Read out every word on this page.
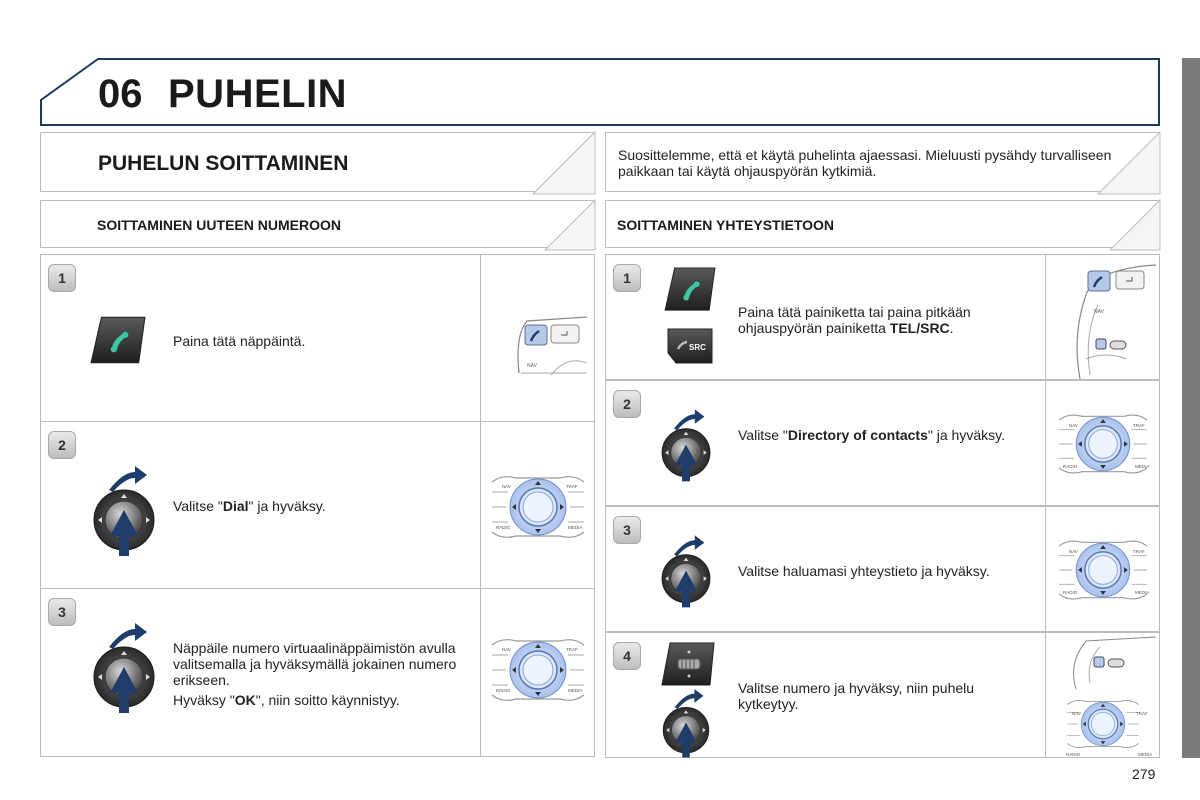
06 PUHELIN
PUHELUN SOITTAMINEN	Suosittelemme, että et käytä puhelinta ajaessasi. Mieluusti pysähdy turvalliseen paikkaan tai käytä ohjauspyörän kytkimiä.
SOITTAMINEN UUTEEN NUMEROON	SOITTAMINEN YHTEYSTIETOON
1
Paina tätä näppäintä.
NAV
2
Valitse "Dial" ja hyväksy.
NAV	TRAF
RADIO	MEDIA
3
Näppäile numero virtuaalinäppäimistön avulla valitsemalla ja hyväksymällä jokainen numero erikseen.
Hyväksy "OK", niin soitto käynnistyy.
NAV	TRAF
RADIO	MEDIA
1
SRC
Paina tätä painiketta tai paina pitkään ohjauspyörän painiketta TEL/SRC.
NAV
2
Valitse "Directory of contacts" ja hyväksy.
NAV	TRAF
RADIO	MEDIA
3
Valitse haluamasi yhteystieto ja hyväksy.
NAV	TRAF
RADIO	MEDIA
4
Valitse numero ja hyväksy, niin puhelu kytkeytyy.
NAV	TRAF
RADIO	MEDIA
279
